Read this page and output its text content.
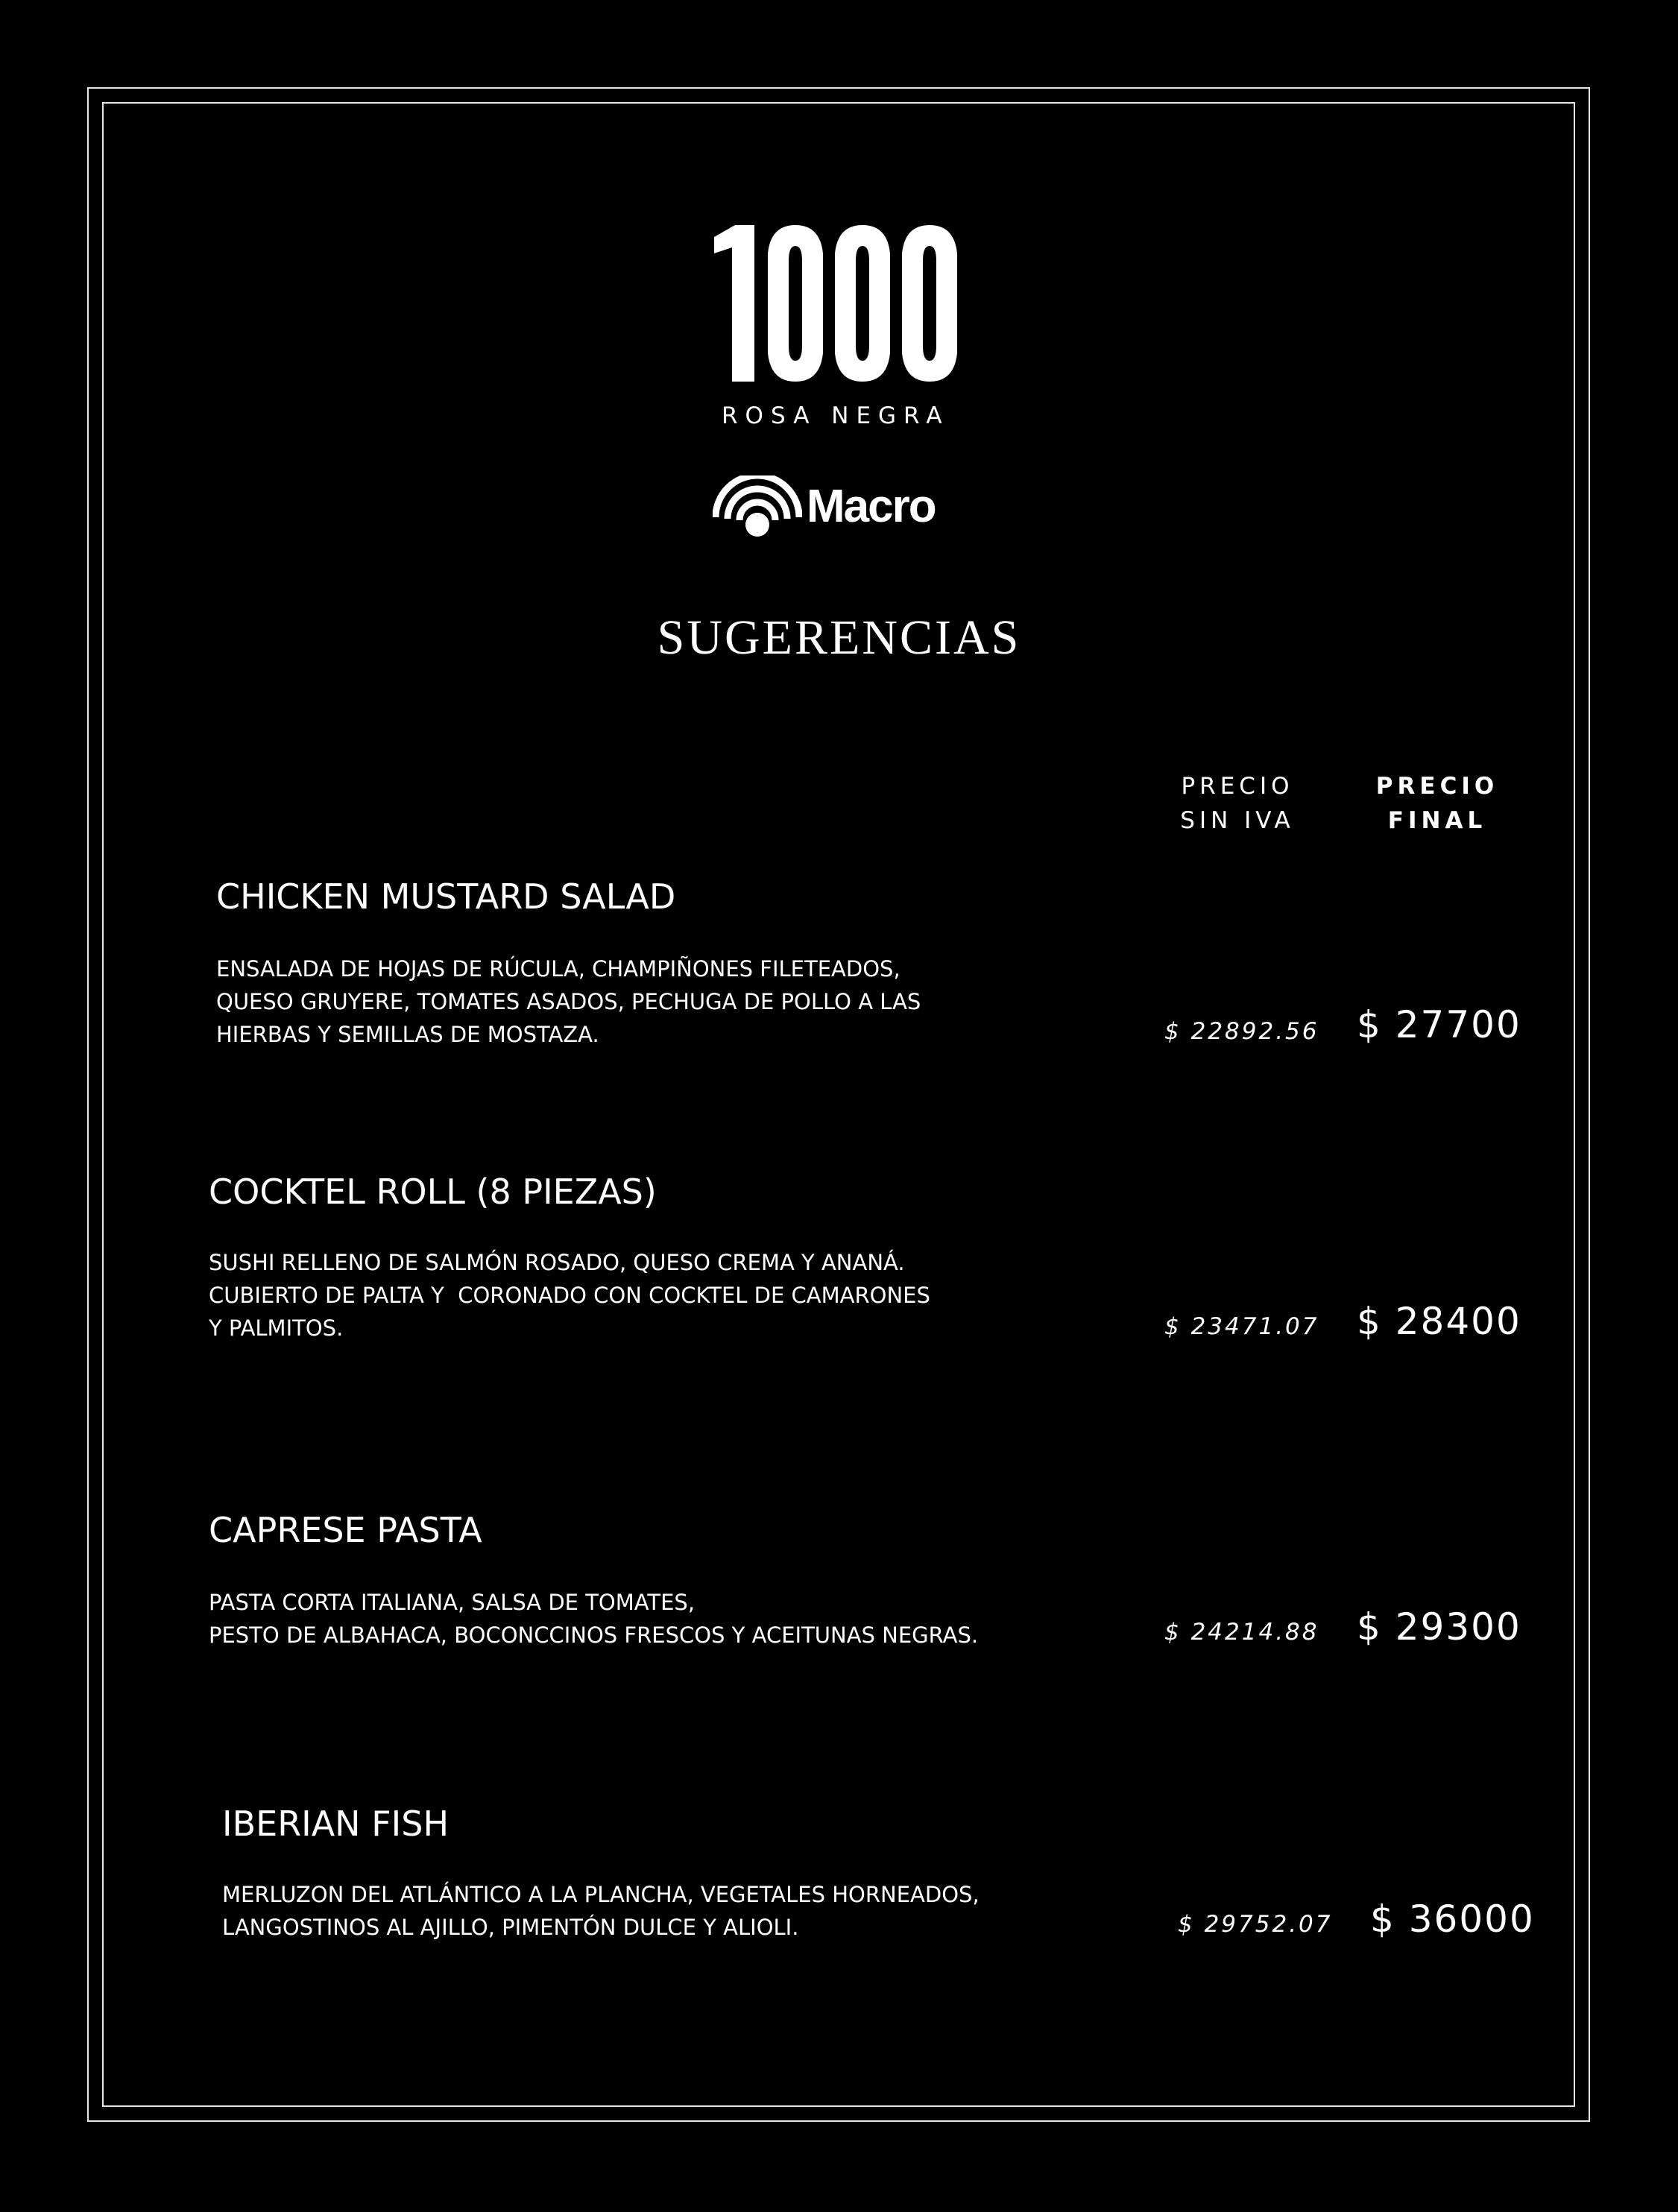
ROSA NEGRA
Macro
SUGERENCIAS
PRECIO
SIN IVA
PRECIO
FINAL
CHICKEN MUSTARD SALAD
ENSALADA DE HOJAS DE RÚCULA, CHAMPIÑONES FILETEADOS,
QUESO GRUYERE, TOMATES ASADOS, PECHUGA DE POLLO A LAS
HIERBAS Y SEMILLAS DE MOSTAZA.	$ 22892.56 $ 27700
COCKTEL ROLL (8 PIEZAS)
SUSHI RELLENO DE SALMÓN ROSADO, QUESO CREMA Y ANANÁ.
CUBIERTO DE PALTA Y  CORONADO CON COCKTEL DE CAMARONES
Y PALMITOS.	$ 23471.07 $ 28400
CAPRESE PASTA
PASTA CORTA ITALIANA, SALSA DE TOMATES,
PESTO DE ALBAHACA, BOCONCCINOS FRESCOS Y ACEITUNAS NEGRAS.	$ 24214.88 $ 29300
IBERIAN FISH
MERLUZON DEL ATLÁNTICO A LA PLANCHA, VEGETALES HORNEADOS,
LANGOSTINOS AL AJILLO, PIMENTÓN DULCE Y ALIOLI.	$ 29752.07 $ 36000
